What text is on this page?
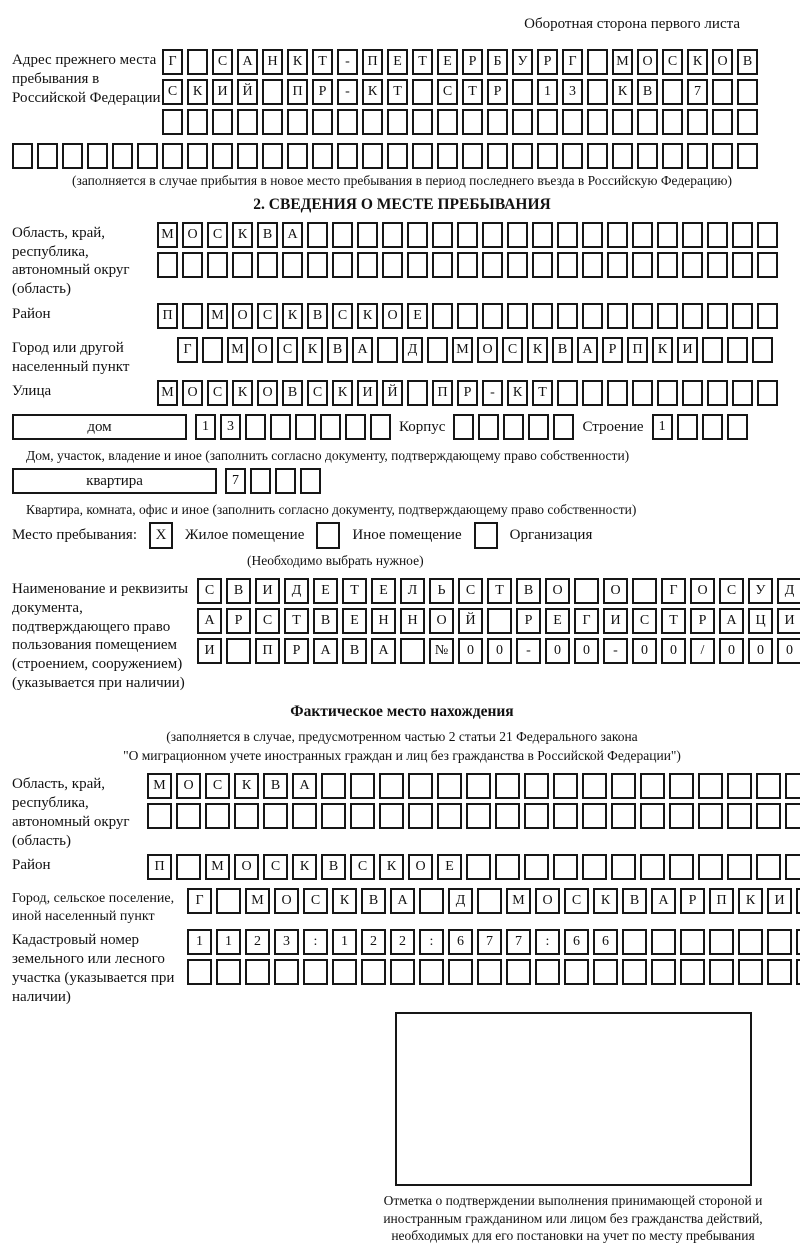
Оборотная сторона первого листа
Адрес прежнего места пребывания в Российской Федерации
Г	С	А	Н	К	Т	-	П	Е	Т	Е	Р	Б	У	Р	Г	М О	С	К	О	В
С	К	И	Й	П	Р	-	К	Т	С	Т	Р	1	3	К	В	7
(заполняется в случае прибытия в новое место пребывания в период последнего въезда в Российскую Федерацию)
2. СВЕДЕНИЯ О МЕСТЕ ПРЕБЫВАНИЯ
Область, край, республика, автономный округ (область)
М О	С	К	В	А
Район	П	М О	С	К	В	С	К	О	Е
Город или другой населенный пункт
Г	М О	С	К	В	А	Д	М О	С	К	В	А	Р	П	К	И
Улица	М О	С	К	О	В	С	К	И	Й	П	Р	-	К	Т
дом	1	3	Корпус	Строение	1
Дом, участок, владение и иное (заполнить согласно документу, подтверждающему право собственности)
квартира	7
Квартира, комната, офис и иное (заполнить согласно документу, подтверждающему право собственности)
Место пребывания:	X	Жилое помещение	Иное помещение	Организация
(Необходимо выбрать нужное)
Наименование и реквизиты документа, подтверждающего право пользования помещением (строением, сооружением) (указывается при наличии)
С	В	И	Д	Е	Т	Е	Л	Ь	С	Т	В	О	О	Г	О	С	У	Д
А	Р	С	Т	В	Е	Н	Н	О	Й	Р	Е	Г	И	С	Т	Р	А	Ц	И
И	П	Р	А	В	А	№	0	0	-	0	0	-	0	0	/	0	0	0
Фактическое место нахождения
(заполняется в случае, предусмотренном частью 2 статьи 21 Федерального закона
"О миграционном учете иностранных граждан и лиц без гражданства в Российской Федерации")
Область, край, республика, автономный округ (область)
М	О	С	К	В	А
Район	П	М	О	С	К	В	С	К	О	Е
Город, сельское поселение, иной населенный пункт
Г	М	О	С	К	В	А	Д	М	О	С	К	В	А	Р	П	К	И
Кадастровый номер земельного или лесного участка (указывается при наличии)
1	1	2	3	:	1	2	2	:	6	7	7	:	6	6
Отметка о подтверждении выполнения принимающей стороной и иностранным гражданином или лицом без гражданства действий, необходимых для его постановки на учет по месту пребывания
